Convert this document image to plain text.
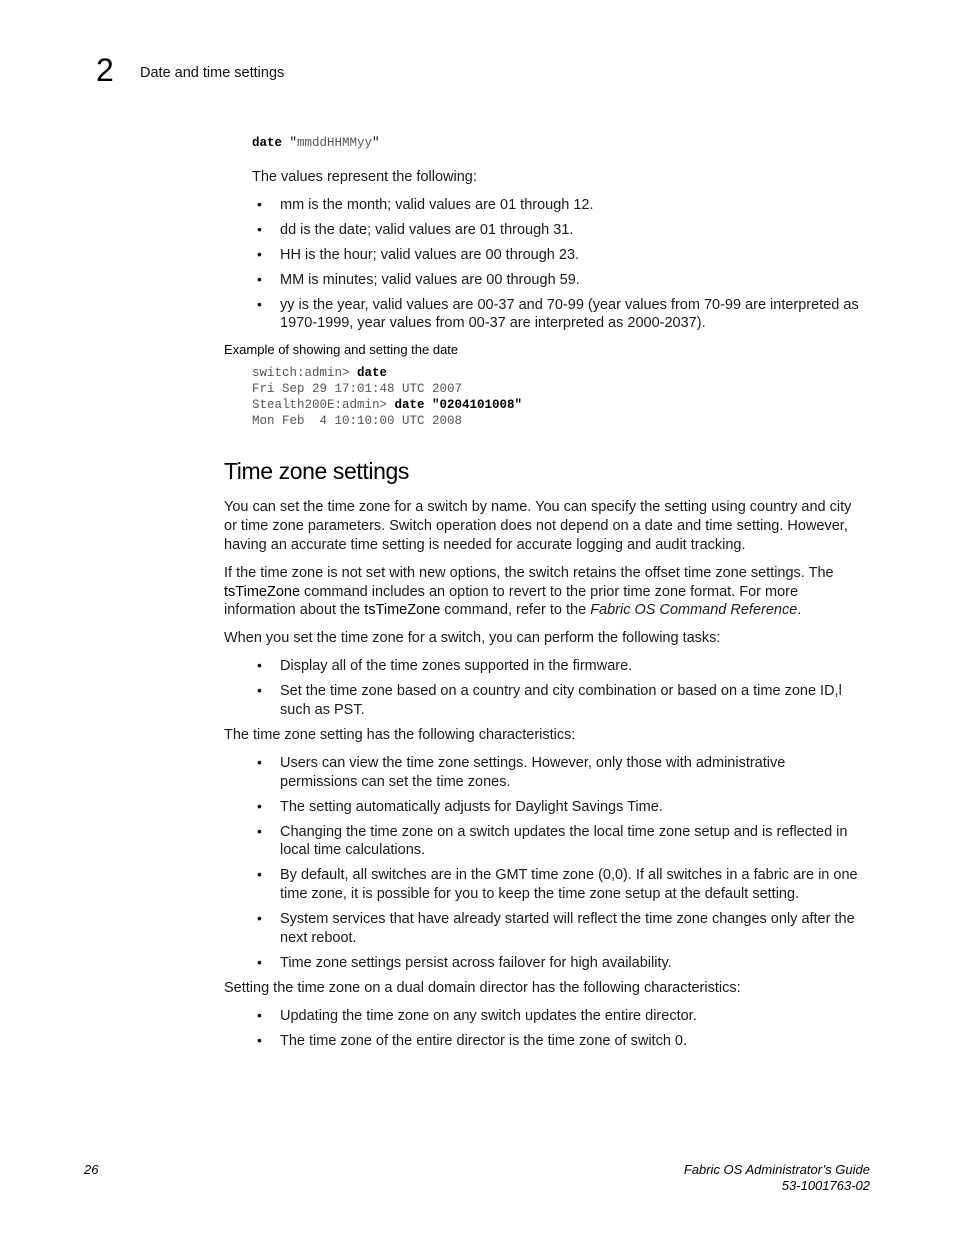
2 Date and time settings
date "mmddHHMMyy"
The values represent the following:
• mm is the month; valid values are 01 through 12.
• dd is the date; valid values are 01 through 31.
• HH is the hour; valid values are 00 through 23.
• MM is minutes; valid values are 00 through 59.
• yy is the year, valid values are 00-37 and 70-99 (year values from 70-99 are interpreted as
1970-1999, year values from 00-37 are interpreted as 2000-2037).
Example of showing and setting the date
switch:admin> date
Fri Sep 29 17:01:48 UTC 2007
Stealth200E:admin> date "0204101008"
Mon Feb  4 10:10:00 UTC 2008
Time zone settings
You can set the time zone for a switch by name. You can specify the setting using country and city
or time zone parameters. Switch operation does not depend on a date and time setting. However,
having an accurate time setting is needed for accurate logging and audit tracking.
If the time zone is not set with new options, the switch retains the offset time zone settings. The
tsTimeZone command includes an option to revert to the prior time zone format. For more
information about the tsTimeZone command, refer to the Fabric OS Command Reference.
When you set the time zone for a switch, you can perform the following tasks:
• Display all of the time zones supported in the firmware.
• Set the time zone based on a country and city combination or based on a time zone ID,l
such as PST.
The time zone setting has the following characteristics:
• Users can view the time zone settings. However, only those with administrative
permissions can set the time zones.
• The setting automatically adjusts for Daylight Savings Time.
• Changing the time zone on a switch updates the local time zone setup and is reflected in
local time calculations.
• By default, all switches are in the GMT time zone (0,0). If all switches in a fabric are in one
time zone, it is possible for you to keep the time zone setup at the default setting.
• System services that have already started will reflect the time zone changes only after the
next reboot.
• Time zone settings persist across failover for high availability.
Setting the time zone on a dual domain director has the following characteristics:
• Updating the time zone on any switch updates the entire director.
• The time zone of the entire director is the time zone of switch 0.
26	Fabric OS Administrator’s Guide
53-1001763-02
